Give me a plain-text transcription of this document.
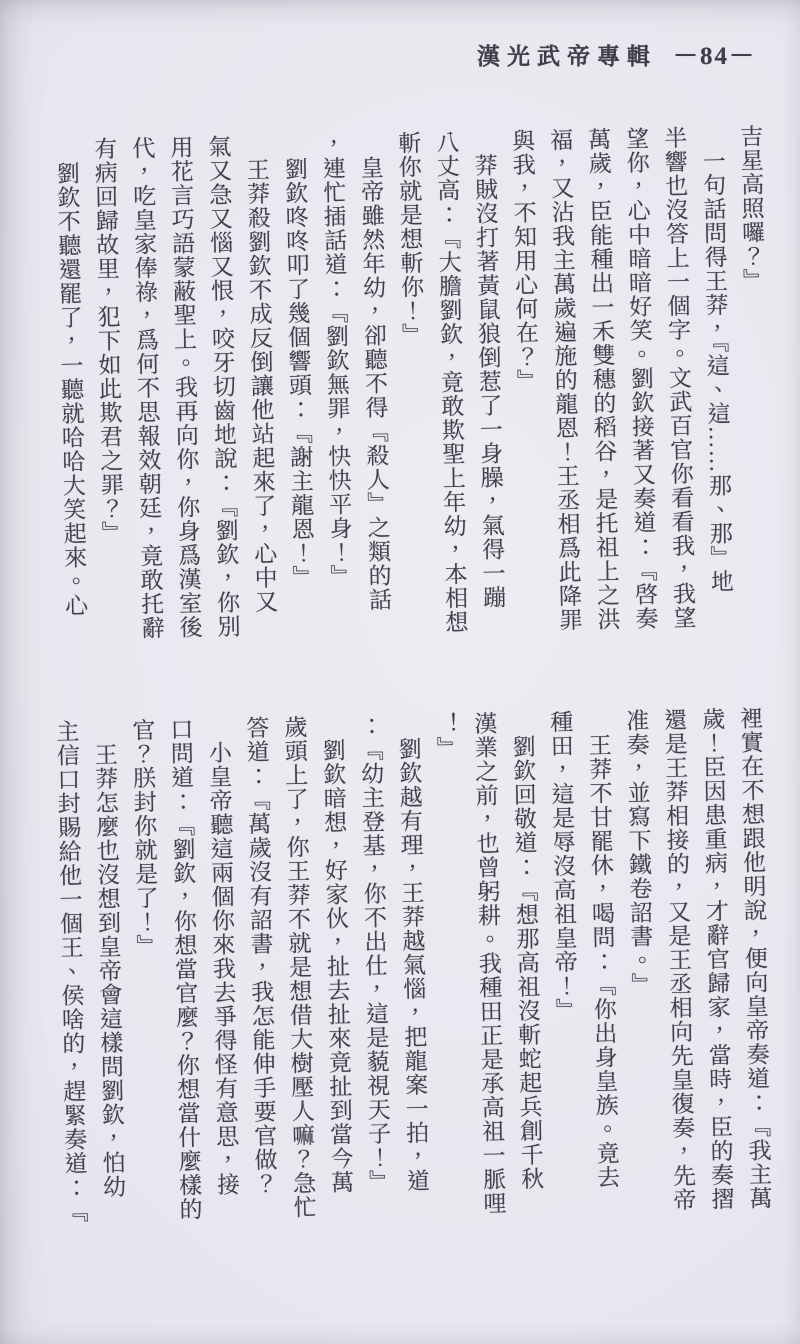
漢光武帝專輯 －84－
吉星高照囉？』
　一句話問得王莽，『這、這……那、那』地
半響也沒答上一個字。文武百官你看看我，我望
望你，心中暗暗好笑。劉欽接著又奏道：『啓奏
萬歲，臣能種出一禾雙穗的稻谷，是托祖上之洪
福，又沾我主萬歲遍施的龍恩！王丞相爲此降罪
與我，不知用心何在？』
　莽賊沒打著黃鼠狼倒惹了一身臊，氣得一蹦
八丈高：『大膽劉欽，竟敢欺聖上年幼，本相想
斬你就是想斬你！』
　皇帝雖然年幼，卻聽不得『殺人』之類的話
，連忙插話道：『劉欽無罪，快快平身！』
　劉欽咚咚叩了幾個響頭：『謝主龍恩！』
　王莽殺劉欽不成反倒讓他站起來了，心中又
氣又急又惱又恨，咬牙切齒地說：『劉欽，你別
用花言巧語蒙蔽聖上。我再向你，你身爲漢室後
代，吃皇家俸祿，爲何不思報效朝廷，竟敢托辭
有病回歸故里，犯下如此欺君之罪？』
　劉欽不聽還罷了，一聽就哈哈大笑起來。心
裡實在不想跟他明說，便向皇帝奏道：『我主萬
歲！臣因患重病，才辭官歸家，當時，臣的奏摺
還是王莽相接的，又是王丞相向先皇復奏，先帝
准奏，並寫下鐵卷詔書。』
　王莽不甘罷休，喝問：『你出身皇族。竟去
種田，這是辱沒高祖皇帝！』
　劉欽回敬道：『想那高祖沒斬蛇起兵創千秋
漢業之前，也曾躬耕。我種田正是承高祖一脈哩
！』
　劉欽越有理，王莽越氣惱，把龍案一拍，道
：『幼主登基，你不出仕，這是藐視天子！』
　劉欽暗想，好家伙，扯去扯來竟扯到當今萬
歲頭上了，你王莽不就是想借大樹壓人嘛？急忙
答道：『萬歲沒有詔書，我怎能伸手要官做？
　小皇帝聽這兩個你來我去爭得怪有意思，接
口問道：『劉欽，你想當官麼？你想當什麼樣的
官？朕封你就是了！』
　王莽怎麼也沒想到皇帝會這樣問劉欽，怕幼
主信口封賜給他一個王、侯啥的，趕緊奏道：『
